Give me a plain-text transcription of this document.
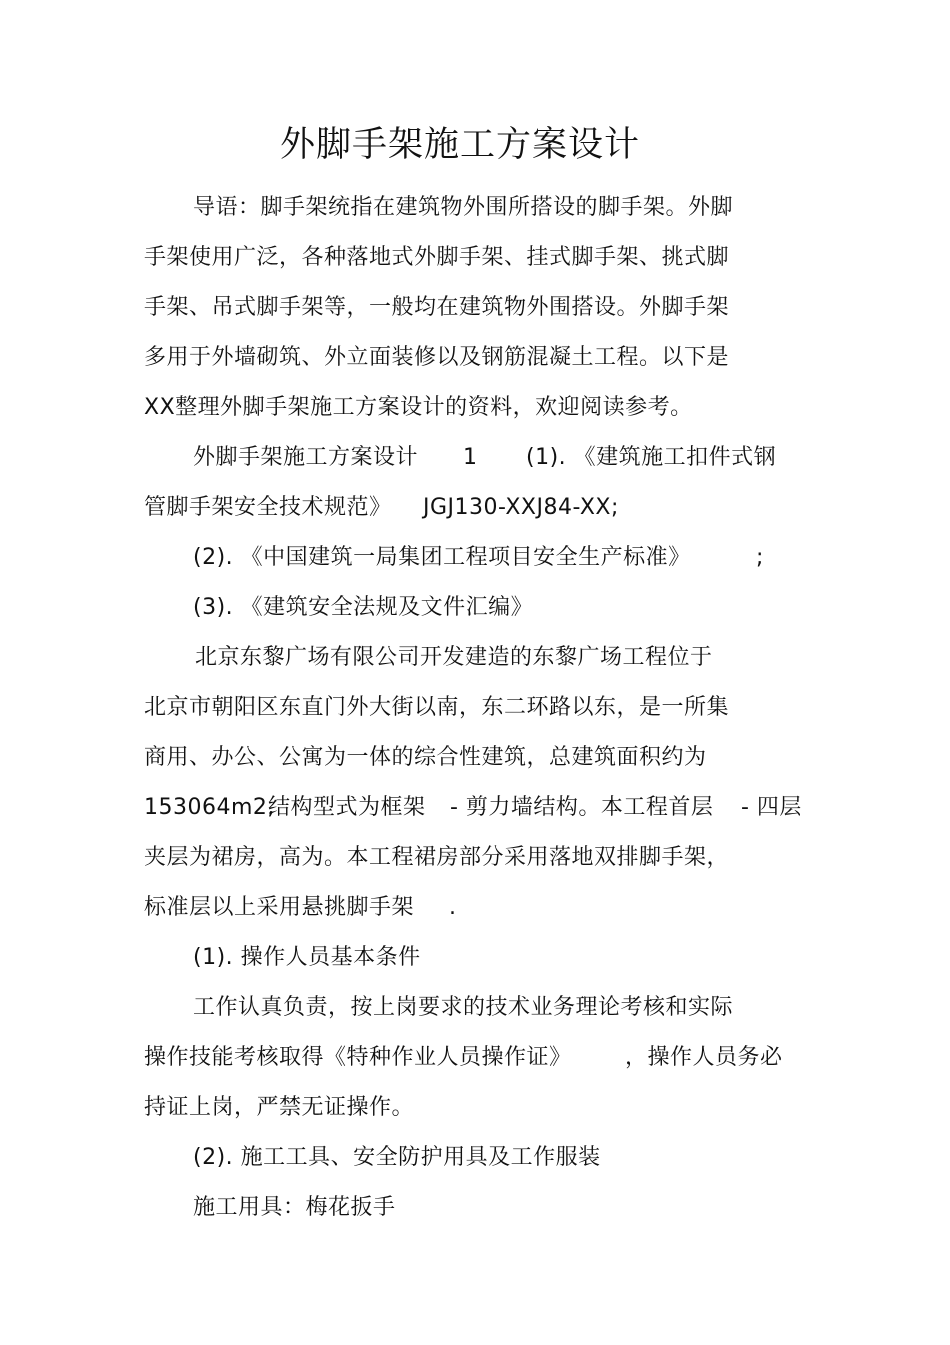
外脚手架施工方案设计
导语：脚手架统指在建筑物外围所搭设的脚手架。外脚
手架使用广泛，各种落地式外脚手架、挂式脚手架、挑式脚
手架、吊式脚手架等，一般均在建筑物外围搭设。外脚手架
多用于外墙砌筑、外立面装修以及钢筋混凝土工程。以下是
XX整理外脚手架施工方案设计的资料，欢迎阅读参考。
外脚手架施工方案设计 1 (1). 《建筑施工扣件式钢
管脚手架安全技术规范》 JGJ130-XXJ84-XX;
(2). 《中国建筑一局集团工程项目安全生产标准》	;
(3). 《建筑安全法规及文件汇编》
北京东黎广场有限公司开发建造的东黎广场工程位于
北京市朝阳区东直门外大街以南，东二环路以东，是一所集
商用、办公、公寓为一体的综合性建筑，总建筑面积约为
153064m2,
结构型式为框架 - 剪力墙结构。本工程首层 - 四层
夹层为裙房，高为。本工程裙房部分采用落地双排脚手架，
标准层以上采用悬挑脚手架 .
(1). 操作人员基本条件
工作认真负责，按上岗要求的技术业务理论考核和实际
操作技能考核取得《特种作业人员操作证》 ，操作人员务必
持证上岗，严禁无证操作。
(2). 施工工具、安全防护用具及工作服装
施工用具：梅花扳手
